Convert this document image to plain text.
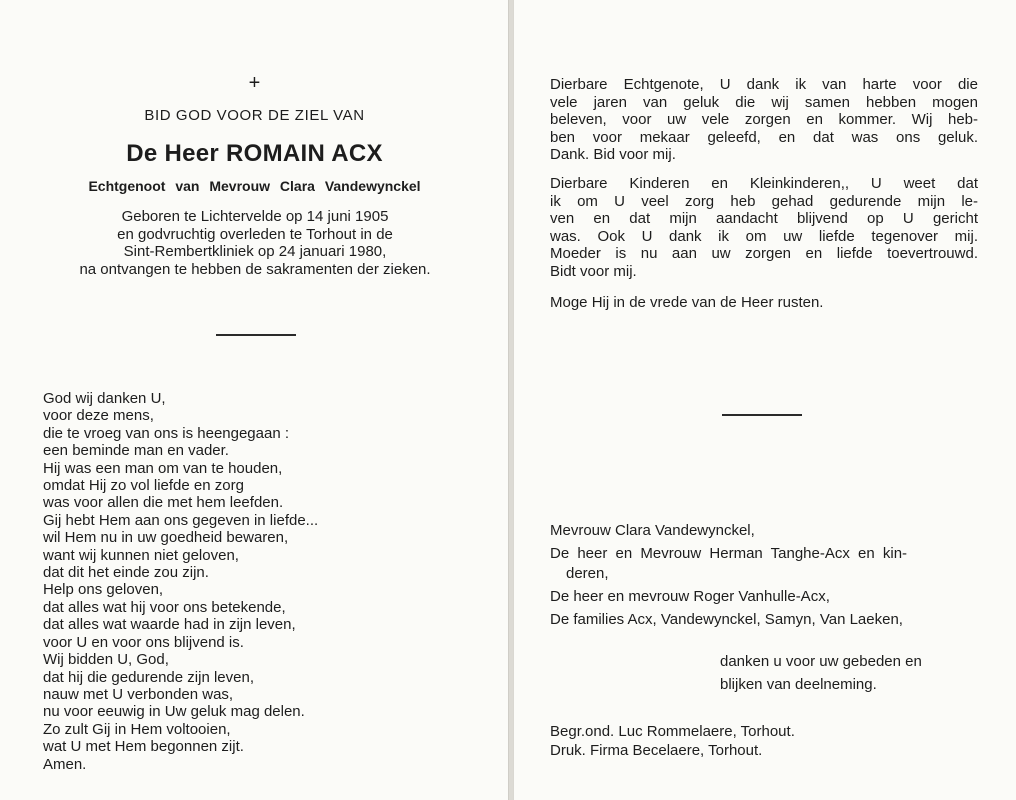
+
BID GOD VOOR DE ZIEL VAN
De Heer ROMAIN ACX
Echtgenoot van Mevrouw Clara Vandewynckel
Geboren te Lichtervelde op 14 juni 1905
en godvruchtig overleden te Torhout in de
Sint-Rembertkliniek op 24 januari 1980,
na ontvangen te hebben de sakramenten der zieken.
God wij danken U,
voor deze mens,
die te vroeg van ons is heengegaan :
een beminde man en vader.
Hij was een man om van te houden,
omdat Hij zo vol liefde en zorg
was voor allen die met hem leefden.
Gij hebt Hem aan ons gegeven in liefde...
wil Hem nu in uw goedheid bewaren,
want wij kunnen niet geloven,
dat dit het einde zou zijn.
Help ons geloven,
dat alles wat hij voor ons betekende,
dat alles wat waarde had in zijn leven,
voor U en voor ons blijvend is.
Wij bidden U, God,
dat hij die gedurende zijn leven,
nauw met U verbonden was,
nu voor eeuwig in Uw geluk mag delen.
Zo zult Gij in Hem voltooien,
wat U met Hem begonnen zijt.
Amen.
Dierbare Echtgenote, U dank ik van harte voor die
vele jaren van geluk die wij samen hebben mogen
beleven, voor uw vele zorgen en kommer. Wij heb-
ben voor mekaar geleefd, en dat was ons geluk.
Dank. Bid voor mij.
Dierbare Kinderen en Kleinkinderen,, U weet dat
ik om U veel zorg heb gehad gedurende mijn le-
ven en dat mijn aandacht blijvend op U gericht
was. Ook U dank ik om uw liefde tegenover mij.
Moeder is nu aan uw zorgen en liefde toevertrouwd.
Bidt voor mij.
Moge Hij in de vrede van de Heer rusten.
Mevrouw Clara Vandewynckel,
De heer en Mevrouw Herman Tanghe-Acx en kin-
deren,
De heer en mevrouw Roger Vanhulle-Acx,
De families Acx, Vandewynckel, Samyn, Van Laeken,
danken u voor uw gebeden en
blijken van deelneming.
Begr.ond. Luc Rommelaere, Torhout.
Druk. Firma Becelaere, Torhout.
